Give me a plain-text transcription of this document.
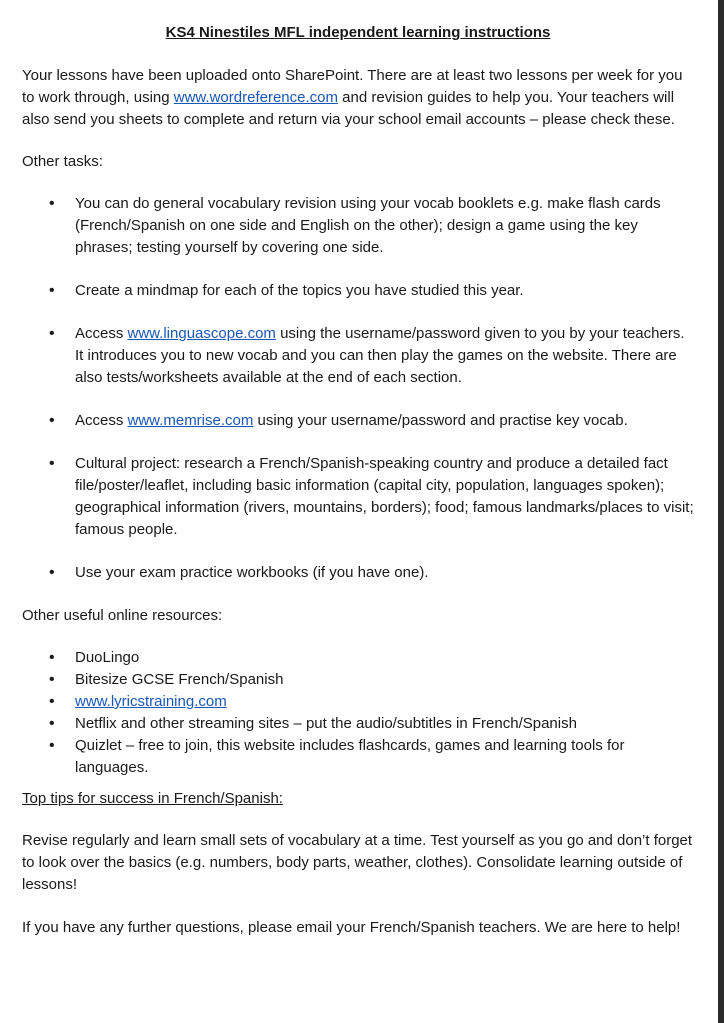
KS4 Ninestiles MFL independent learning instructions

Your lessons have been uploaded onto SharePoint. There are at least two lessons per week for you to work through, using www.wordreference.com and revision guides to help you. Your teachers will also send you sheets to complete and return via your school email accounts – please check these.

Other tasks:

• You can do general vocabulary revision using your vocab booklets e.g. make flash cards (French/Spanish on one side and English on the other); design a game using the key phrases; testing yourself by covering one side.
• Create a mindmap for each of the topics you have studied this year.
• Access www.linguascope.com using the username/password given to you by your teachers. It introduces you to new vocab and you can then play the games on the website. There are also tests/worksheets available at the end of each section.
• Access www.memrise.com using your username/password and practise key vocab.
• Cultural project: research a French/Spanish-speaking country and produce a detailed fact file/poster/leaflet, including basic information (capital city, population, languages spoken); geographical information (rivers, mountains, borders); food; famous landmarks/places to visit; famous people.
• Use your exam practice workbooks (if you have one).

Other useful online resources:

• DuoLingo
• Bitesize GCSE French/Spanish
• www.lyricstraining.com
• Netflix and other streaming sites – put the audio/subtitles in French/Spanish
• Quizlet – free to join, this website includes flashcards, games and learning tools for languages.

Top tips for success in French/Spanish:

Revise regularly and learn small sets of vocabulary at a time. Test yourself as you go and don’t forget to look over the basics (e.g. numbers, body parts, weather, clothes). Consolidate learning outside of lessons!

If you have any further questions, please email your French/Spanish teachers. We are here to help!
